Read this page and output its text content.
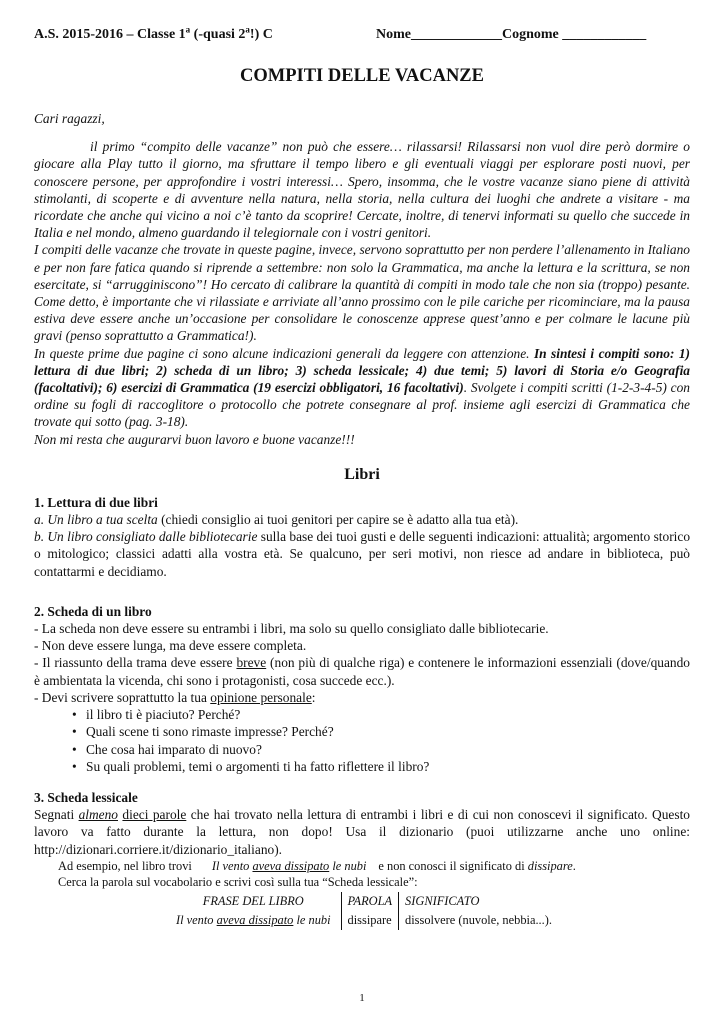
A.S. 2015-2016 – Classe 1$^a$ (-quasi 2$^a$!) C	Nome_____________Cognome ____________
COMPITI DELLE VACANZE

Cari ragazzi,

il primo “compito delle vacanze” non può che essere… rilassarsi! Rilassarsi non vuol dire però dormire o giocare alla Play tutto il giorno, ma sfruttare il tempo libero e gli eventuali viaggi per esplorare posti nuovi, per conoscere persone, per approfondire i vostri interessi… Spero, insomma, che le vostre vacanze siano piene di attività stimolanti, di scoperte e di avventure nella natura, nella storia, nella cultura dei luoghi che andrete a visitare - ma ricordate che anche qui vicino a noi c’è tanto da scoprire! Cercate, inoltre, di tenervi informati su quello che succede in Italia e nel mondo, almeno guardando il telegiornale con i vostri genitori.

I compiti delle vacanze che trovate in queste pagine, invece, servono soprattutto per non perdere l’allenamento in Italiano e per non fare fatica quando si riprende a settembre: non solo la Grammatica, ma anche la lettura e la scrittura, se non esercitate, si “arrugginiscono”! Ho cercato di calibrare la quantità di compiti in modo tale che non sia (troppo) pesante. Come detto, è importante che vi rilassiate e arriviate all’anno prossimo con le pile cariche per ricominciare, ma la pausa estiva deve essere anche un’occasione per consolidare le conoscenze apprese quest’anno e per colmare le lacune più gravi (penso soprattutto a Grammatica!).

In queste prime due pagine ci sono alcune indicazioni generali da leggere con attenzione. In sintesi i compiti sono: 1) lettura di due libri; 2) scheda di un libro; 3) scheda lessicale; 4) due temi; 5) lavori di Storia e/o Geografia (facoltativi); 6) esercizi di Grammatica (19 esercizi obbligatori, 16 facoltativi). Svolgete i compiti scritti (1-2-3-4-5) con ordine su fogli di raccoglitore o protocollo che potrete consegnare al prof. insieme agli esercizi di Grammatica che trovate qui sotto (pag. 3-18).

Non mi resta che augurarvi buon lavoro e buone vacanze!!!

Libri
1. Lettura di due libri

a. Un libro a tua scelta (chiedi consiglio ai tuoi genitori per capire se è adatto alla tua età).

b. Un libro consigliato dalle bibliotecarie sulla base dei tuoi gusti e delle seguenti indicazioni: attualità; argomento storico o mitologico; classici adatti alla vostra età. Se qualcuno, per seri motivi, non riesce ad andare in biblioteca, può contattarmi e decidiamo.

2. Scheda di un libro

- La scheda non deve essere su entrambi i libri, ma solo su quello consigliato dalle bibliotecarie.

- Non deve essere lunga, ma deve essere completa.

- Il riassunto della trama deve essere breve (non più di qualche riga) e contenere le informazioni essenziali (dove/quando è ambientata la vicenda, chi sono i protagonisti, cosa succede ecc.).

- Devi scrivere soprattutto la tua opinione personale:

• il libro ti è piaciuto? Perché?
• Quali scene ti sono rimaste impresse? Perché?
• Che cosa hai imparato di nuovo?
• Su quali problemi, temi o argomenti ti ha fatto riflettere il libro?
3. Scheda lessicale

Segnati almeno dieci parole che hai trovato nella lettura di entrambi i libri e di cui non conoscevi il significato. Questo lavoro va fatto durante la lettura, non dopo! Usa il dizionario (puoi utilizzarne anche uno online: http://dizionari.corriere.it/dizionario_italiano).

Ad esempio, nel libro trovi Il vento aveva dissipato le nubi e non conosci il significato di dissipare.
Cerca la parola sul vocabolario e scrivi così sulla tua “Scheda lessicale”:
FRASE DEL LIBRO	PAROLA	SIGNIFICATO
Il vento aveva dissipato le nubi	dissipare	dissolvere (nuvole, nebbia...).
1
